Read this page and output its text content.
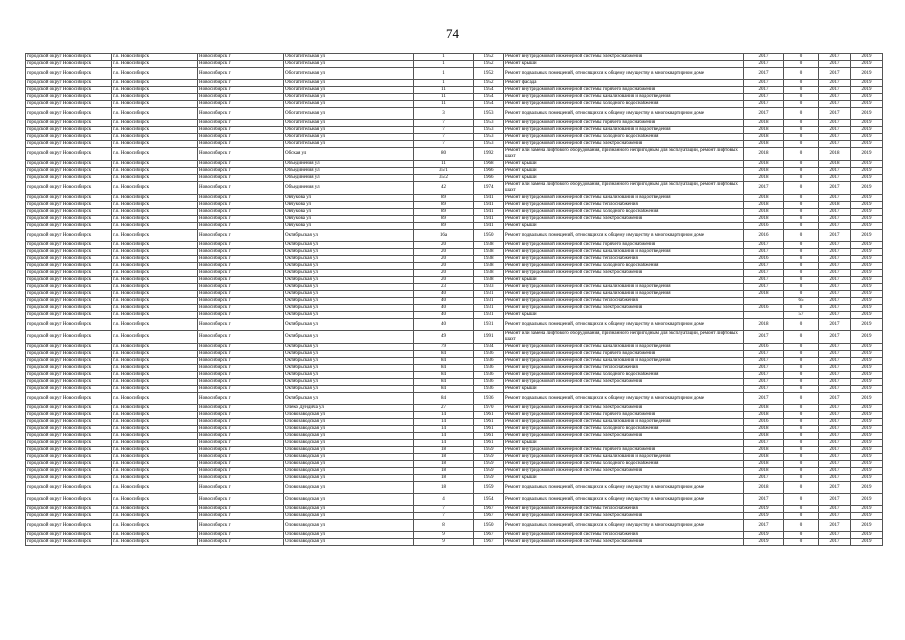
74
городской округ Новосибирск	г.о. Новосибирск	Новосибирск г	Обогатительная ул	1	1952	Ремонт внутридомовой инженерной системы электроснабжения	2017	0	2017	2019
городской округ Новосибирск	г.о. Новосибирск	Новосибирск г	Обогатительная ул	1	1952	Ремонт крыши	2017	0	2017	2019
городской округ Новосибирск	г.о. Новосибирск	Новосибирск г	Обогатительная ул	1	1952	Ремонт подвальных помещений, относящихся к общему имуществу в многоквартирном доме	2017	0	2017	2019
городской округ Новосибирск	г.о. Новосибирск	Новосибирск г	Обогатительная ул	1	1952	Ремонт фасада	2017	0	2017	2019
городской округ Новосибирск	г.о. Новосибирск	Новосибирск г	Обогатительная ул	11	1954	Ремонт внутридомовой инженерной системы горячего водоснабжения	2017	0	2017	2019
городской округ Новосибирск	г.о. Новосибирск	Новосибирск г	Обогатительная ул	11	1954	Ремонт внутридомовой инженерной системы канализования и водоотведения	2017	0	2017	2019
городской округ Новосибирск	г.о. Новосибирск	Новосибирск г	Обогатительная ул	11	1954	Ремонт внутридомовой инженерной системы холодного водоснабжения	2017	0	2017	2019
городской округ Новосибирск	г.о. Новосибирск	Новосибирск г	Обогатительная ул	3	1953	Ремонт подвальных помещений, относящихся к общему имуществу в многоквартирном доме	2017	0	2017	2019
городской округ Новосибирск	г.о. Новосибирск	Новосибирск г	Обогатительная ул	7	1953	Ремонт внутридомовой инженерной системы горячего водоснабжения	2018	0	2017	2019
городской округ Новосибирск	г.о. Новосибирск	Новосибирск г	Обогатительная ул	7	1953	Ремонт внутридомовой инженерной системы канализования и водоотведения	2018	0	2017	2019
городской округ Новосибирск	г.о. Новосибирск	Новосибирск г	Обогатительная ул	7	1953	Ремонт внутридомовой инженерной системы холодного водоснабжения	2018	0	2017	2019
городской округ Новосибирск	г.о. Новосибирск	Новосибирск г	Обогатительная ул	7	1953	Ремонт внутридомовой инженерной системы электроснабжения	2018	0	2017	2019
городской округ Новосибирск	г.о. Новосибирск	Новосибирск г	Обская ул	80	1992	Ремонт или замена лифтового оборудования, признанного непригодным для эксплуатации, ремонт лифтовых шахт	2018	0	2018	2019
городской округ Новосибирск	г.о. Новосибирск	Новосибирск г	Объединения ул	11	1968	Ремонт крыши	2018	0	2018	2019
городской округ Новосибирск	г.о. Новосибирск	Новосибирск г	Объединения ул	35/1	1966	Ремонт крыши	2018	0	2017	2019
городской округ Новосибирск	г.о. Новосибирск	Новосибирск г	Объединения ул	35/2	1966	Ремонт крыши	2018	0	2017	2019
городской округ Новосибирск	г.о. Новосибирск	Новосибирск г	Объединения ул	42	1974	Ремонт или замена лифтового оборудования, признанного непригодным для эксплуатации, ремонт лифтовых шахт	2017	0	2017	2019
городской округ Новосибирск	г.о. Новосибирск	Новосибирск г	Овчукова ул	89	1941	Ремонт внутридомовой инженерной системы канализования и водоотведения	2018	0	2017	2019
городской округ Новосибирск	г.о. Новосибирск	Новосибирск г	Овчукова ул	89	1941	Ремонт внутридомовой инженерной системы теплоснабжения	2018	0	2018	2019
городской округ Новосибирск	г.о. Новосибирск	Новосибирск г	Овчукова ул	89	1941	Ремонт внутридомовой инженерной системы холодного водоснабжения	2018	0	2017	2019
городской округ Новосибирск	г.о. Новосибирск	Новосибирск г	Овчукова ул	89	1941	Ремонт внутридомовой инженерной системы электроснабжения	2018	0	2017	2019
городской округ Новосибирск	г.о. Новосибирск	Новосибирск г	Овчукова ул	89	1941	Ремонт крыши	2016	0	2017	2019
городской округ Новосибирск	г.о. Новосибирск	Новосибирск г	Октябрьская ул	16а	1950	Ремонт подвальных помещений, относящихся к общему имуществу в многоквартирном доме	2016	0	2017	2019
городской округ Новосибирск	г.о. Новосибирск	Новосибирск г	Октябрьская ул	20	1938	Ремонт внутридомовой инженерной системы горячего водоснабжения	2017	0	2017	2019
городской округ Новосибирск	г.о. Новосибирск	Новосибирск г	Октябрьская ул	20	1938	Ремонт внутридомовой инженерной системы канализования и водоотведения	2017	0	2017	2019
городской округ Новосибирск	г.о. Новосибирск	Новосибирск г	Октябрьская ул	20	1938	Ремонт внутридомовой инженерной системы теплоснабжения	2016	0	2017	2019
городской округ Новосибирск	г.о. Новосибирск	Новосибирск г	Октябрьская ул	20	1938	Ремонт внутридомовой инженерной системы холодного водоснабжения	2017	0	2017	2019
городской округ Новосибирск	г.о. Новосибирск	Новосибирск г	Октябрьская ул	20	1938	Ремонт внутридомовой инженерной системы электроснабжения	2017	0	2017	2019
городской округ Новосибирск	г.о. Новосибирск	Новосибирск г	Октябрьская ул	20	1938	Ремонт крыши	2017	0	2017	2019
городской округ Новосибирск	г.о. Новосибирск	Новосибирск г	Октябрьская ул	23	1933	Ремонт внутридомовой инженерной системы канализования и водоотведения	2017	0	2017	2019
городской округ Новосибирск	г.о. Новосибирск	Новосибирск г	Октябрьская ул	40	1931	Ремонт внутридомовой инженерной системы канализования и водоотведения	2018	0	2017	2019
городской округ Новосибирск	г.о. Новосибирск	Новосибирск г	Октябрьская ул	40	1931	Ремонт внутридомовой инженерной системы теплоснабжения		65	2017	2019
городской округ Новосибирск	г.о. Новосибирск	Новосибирск г	Октябрьская ул	40	1931	Ремонт внутридомовой инженерной системы электроснабжения	2016	0	2017	2019
городской округ Новосибирск	г.о. Новосибирск	Новосибирск г	Октябрьская ул	40	1931	Ремонт крыши		57	2017	2019
городской округ Новосибирск	г.о. Новосибирск	Новосибирск г	Октябрьская ул	40	1931	Ремонт подвальных помещений, относящихся к общему имуществу в многоквартирном доме	2018	0	2017	2019
городской округ Новосибирск	г.о. Новосибирск	Новосибирск г	Октябрьская ул	49	1991	Ремонт или замена лифтового оборудования, признанного непригодным для эксплуатации, ремонт лифтовых шахт	2017	0	2017	2019
городской округ Новосибирск	г.о. Новосибирск	Новосибирск г	Октябрьская ул	79	1934	Ремонт внутридомовой инженерной системы канализования и водоотведения	2016	0	2017	2019
городской округ Новосибирск	г.о. Новосибирск	Новосибирск г	Октябрьская ул	84	1936	Ремонт внутридомовой инженерной системы горячего водоснабжения	2017	0	2017	2019
городской округ Новосибирск	г.о. Новосибирск	Новосибирск г	Октябрьская ул	84	1936	Ремонт внутридомовой инженерной системы канализования и водоотведения	2017	0	2017	2019
городской округ Новосибирск	г.о. Новосибирск	Новосибирск г	Октябрьская ул	84	1936	Ремонт внутридомовой инженерной системы теплоснабжения	2017	0	2017	2019
городской округ Новосибирск	г.о. Новосибирск	Новосибирск г	Октябрьская ул	84	1936	Ремонт внутридомовой инженерной системы холодного водоснабжения	2017	0	2017	2019
городской округ Новосибирск	г.о. Новосибирск	Новосибирск г	Октябрьская ул	84	1936	Ремонт внутридомовой инженерной системы электроснабжения	2017	0	2017	2019
городской округ Новосибирск	г.о. Новосибирск	Новосибирск г	Октябрьская ул	84	1936	Ремонт крыши	2017	0	2017	2019
городской округ Новосибирск	г.о. Новосибирск	Новосибирск г	Октябрьская ул	84	1936	Ремонт подвальных помещений, относящихся к общему имуществу в многоквартирном доме	2017	0	2017	2019
городской округ Новосибирск	г.о. Новосибирск	Новосибирск г	Олеко Дундича ул	27	1970	Ремонт внутридомовой инженерной системы электроснабжения	2018	0	2017	2019
городской округ Новосибирск	г.о. Новосибирск	Новосибирск г	Оловозаводская ул	14	1961	Ремонт внутридомовой инженерной системы горячего водоснабжения	2018	0	2017	2019
городской округ Новосибирск	г.о. Новосибирск	Новосибирск г	Оловозаводская ул	14	1961	Ремонт внутридомовой инженерной системы канализования и водоотведения	2016	0	2017	2019
городской округ Новосибирск	г.о. Новосибирск	Новосибирск г	Оловозаводская ул	14	1961	Ремонт внутридомовой инженерной системы холодного водоснабжения	2018	0	2017	2019
городской округ Новосибирск	г.о. Новосибирск	Новосибирск г	Оловозаводская ул	14	1961	Ремонт внутридомовой инженерной системы электроснабжения	2018	0	2017	2019
городской округ Новосибирск	г.о. Новосибирск	Новосибирск г	Оловозаводская ул	14	1961	Ремонт крыши	2017	0	2017	2019
городской округ Новосибирск	г.о. Новосибирск	Новосибирск г	Оловозаводская ул	18	1959	Ремонт внутридомовой инженерной системы горячего водоснабжения	2018	0	2017	2019
городской округ Новосибирск	г.о. Новосибирск	Новосибирск г	Оловозаводская ул	18	1959	Ремонт внутридомовой инженерной системы канализования и водоотведения	2018	0	2017	2019
городской округ Новосибирск	г.о. Новосибирск	Новосибирск г	Оловозаводская ул	18	1959	Ремонт внутридомовой инженерной системы холодного водоснабжения	2018	0	2017	2019
городской округ Новосибирск	г.о. Новосибирск	Новосибирск г	Оловозаводская ул	18	1959	Ремонт внутридомовой инженерной системы электроснабжения	2018	0	2017	2019
городской округ Новосибирск	г.о. Новосибирск	Новосибирск г	Оловозаводская ул	18	1959	Ремонт крыши	2017	0	2017	2019
городской округ Новосибирск	г.о. Новосибирск	Новосибирск г	Оловозаводская ул	18	1959	Ремонт подвальных помещений, относящихся к общему имуществу в многоквартирном доме	2018	0	2017	2019
городской округ Новосибирск	г.о. Новосибирск	Новосибирск г	Оловозаводская ул	4	1954	Ремонт подвальных помещений, относящихся к общему имуществу в многоквартирном доме	2017	0	2017	2019
городской округ Новосибирск	г.о. Новосибирск	Новосибирск г	Оловозаводская ул	7	1967	Ремонт внутридомовой инженерной системы теплоснабжения	2019	0	2017	2019
городской округ Новосибирск	г.о. Новосибирск	Новосибирск г	Оловозаводская ул	7	1967	Ремонт внутридомовой инженерной системы электроснабжения	2019	0	2017	2019
городской округ Новосибирск	г.о. Новосибирск	Новосибирск г	Оловозаводская ул	8	1950	Ремонт подвальных помещений, относящихся к общему имуществу в многоквартирном доме	2017	0	2017	2019
городской округ Новосибирск	г.о. Новосибирск	Новосибирск г	Оловозаводская ул	9	1967	Ремонт внутридомовой инженерной системы теплоснабжения	2019	0	2017	2019
городской округ Новосибирск	г.о. Новосибирск	Новосибирск г	Оловозаводская ул	9	1967	Ремонт внутридомовой инженерной системы электроснабжения	2019	0	2017	2019
